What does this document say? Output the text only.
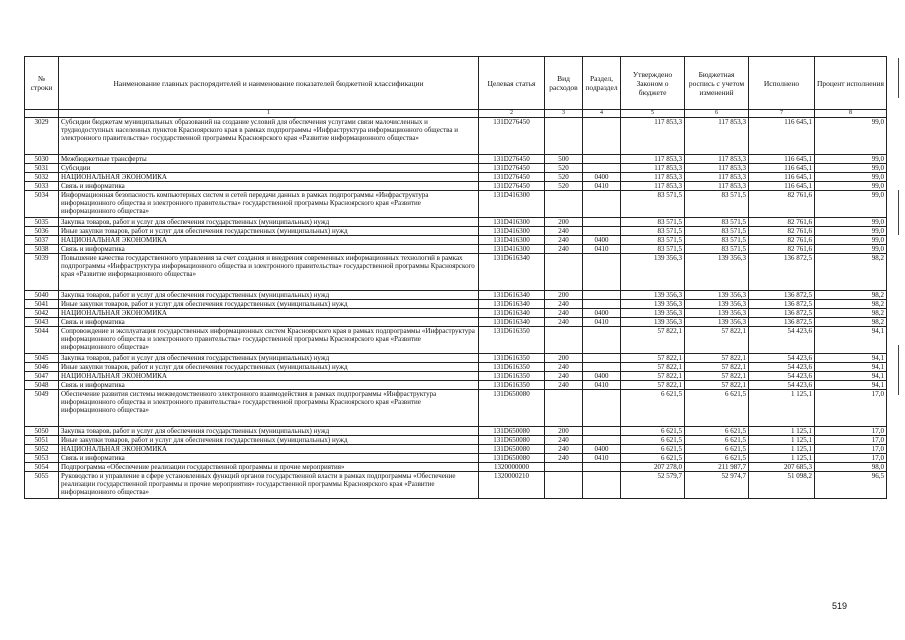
№ строки	Наименование главных распорядителей и наименование показателей бюджетной классификации	Целевая статья	Вид расходов	Раздел, подраздел	Утверждено Законом о бюджете	Бюджетная роспись с учетом изменений	Исполнено	Процент исполнения
	1	2	3	4	5	6	7	8
3029	Субсидии бюджетам муниципальных образований на создание условий для обеспечения услугами связи малочисленных и труднодоступных населенных пунктов Красноярского края в рамках подпрограммы «Инфраструктура информационного общества и электронного правительства» государственной программы Красноярского края «Развитие информационного общества»	131D276450			117 853,3	117 853,3	116 645,1	99,0
5030	Межбюджетные трансферты	131D276450	500		117 853,3	117 853,3	116 645,1	99,0
5031	Субсидии	131D276450	520		117 853,3	117 853,3	116 645,1	99,0
5032	НАЦИОНАЛЬНАЯ ЭКОНОМИКА	131D276450	520	0400	117 853,3	117 853,3	116 645,1	99,0
5033	Связь и информатика	131D276450	520	0410	117 853,3	117 853,3	116 645,1	99,0
5034	Информационная безопасность компьютерных систем и сетей передачи данных в рамках подпрограммы «Инфраструктура информационного общества и электронного правительства» государственной программы Красноярского края «Развитие информационного общества»	131D416300			83 571,5	83 571,5	82 761,6	99,0
5035	Закупка товаров, работ и услуг для обеспечения государственных (муниципальных) нужд	131D416300	200		83 571,5	83 571,5	82 761,6	99,0
5036	Иные закупки товаров, работ и услуг для обеспечения государственных (муниципальных) нужд	131D416300	240		83 571,5	83 571,5	82 761,6	99,0
5037	НАЦИОНАЛЬНАЯ ЭКОНОМИКА	131D416300	240	0400	83 571,5	83 571,5	82 761,6	99,0
5038	Связь и информатика	131D416300	240	0410	83 571,5	83 571,5	82 761,6	99,0
5039	Повышение качества государственного управления за счет создания и внедрения современных информационных технологий в рамках подпрограммы «Инфраструктура информационного общества и электронного правительства» государственной программы Красноярского края «Развитие информационного общества»	131D616340			139 356,3	139 356,3	136 872,5	98,2
5040	Закупка товаров, работ и услуг для обеспечения государственных (муниципальных) нужд	131D616340	200		139 356,3	139 356,3	136 872,5	98,2
5041	Иные закупки товаров, работ и услуг для обеспечения государственных (муниципальных) нужд	131D616340	240		139 356,3	139 356,3	136 872,5	98,2
5042	НАЦИОНАЛЬНАЯ ЭКОНОМИКА	131D616340	240	0400	139 356,3	139 356,3	136 872,5	98,2
5043	Связь и информатика	131D616340	240	0410	139 356,3	139 356,3	136 872,5	98,2
5044	Сопровождение и эксплуатация государственных информационных систем Красноярского края в рамках подпрограммы «Инфраструктура информационного общества и электронного правительства» государственной программы Красноярского края «Развитие информационного общества»	131D616350			57 822,1	57 822,1	54 423,6	94,1
5045	Закупка товаров, работ и услуг для обеспечения государственных (муниципальных) нужд	131D616350	200		57 822,1	57 822,1	54 423,6	94,1
5046	Иные закупки товаров, работ и услуг для обеспечения государственных (муниципальных) нужд	131D616350	240		57 822,1	57 822,1	54 423,6	94,1
5047	НАЦИОНАЛЬНАЯ ЭКОНОМИКА	131D616350	240	0400	57 822,1	57 822,1	54 423,6	94,1
5048	Связь и информатика	131D616350	240	0410	57 822,1	57 822,1	54 423,6	94,1
5049	Обеспечение развития системы межведомственного электронного взаимодействия в рамках подпрограммы «Инфраструктура информационного общества и электронного правительства» государственной программы Красноярского края «Развитие информационного общества»	131D650080			6 621,5	6 621,5	1 125,1	17,0
5050	Закупка товаров, работ и услуг для обеспечения государственных (муниципальных) нужд	131D650080	200		6 621,5	6 621,5	1 125,1	17,0
5051	Иные закупки товаров, работ и услуг для обеспечения государственных (муниципальных) нужд	131D650080	240		6 621,5	6 621,5	1 125,1	17,0
5052	НАЦИОНАЛЬНАЯ ЭКОНОМИКА	131D650080	240	0400	6 621,5	6 621,5	1 125,1	17,0
5053	Связь и информатика	131D650080	240	0410	6 621,5	6 621,5	1 125,1	17,0
5054	Подпрограмма «Обеспечение реализации государственной программы и прочие мероприятия»	1320000000			207 278,0	211 987,7	207 685,3	98,0
5055	Руководство и управление в сфере установленных функций органов государственной власти в рамках подпрограммы «Обеспечение реализации государственной программы и прочие мероприятия» государственной программы Красноярского края «Развитие информационного общества»	1320000210			52 579,7	52 974,7	51 098,2	96,5
519
